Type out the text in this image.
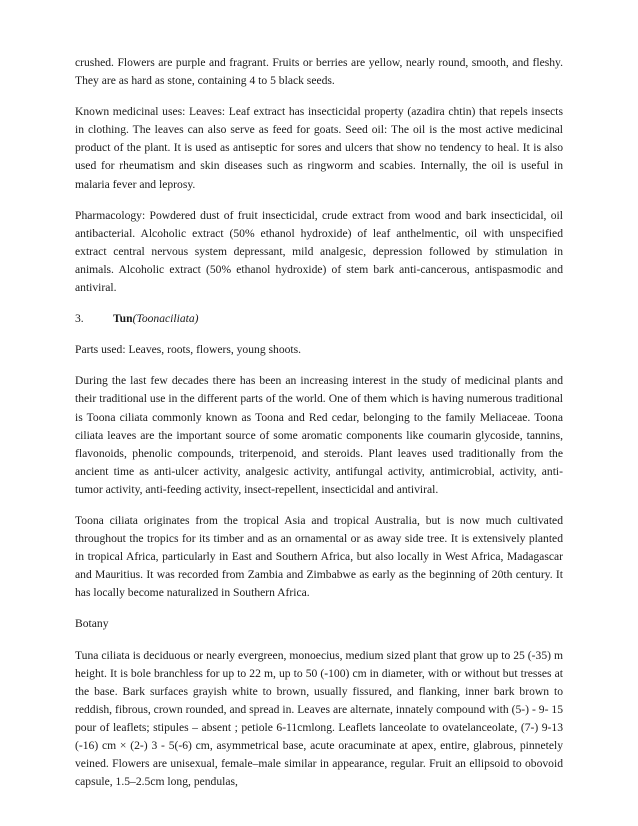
crushed. Flowers are purple and fragrant. Fruits or berries are yellow, nearly round, smooth, and fleshy. They are as hard as stone, containing 4 to 5 black seeds.

Known medicinal uses: Leaves: Leaf extract has insecticidal property (azadira chtin) that repels insects in clothing. The leaves can also serve as feed for goats. Seed oil: The oil is the most active medicinal product of the plant. It is used as antiseptic for sores and ulcers that show no tendency to heal. It is also used for rheumatism and skin diseases such as ringworm and scabies. Internally, the oil is useful in malaria fever and leprosy.

Pharmacology: Powdered dust of fruit insecticidal, crude extract from wood and bark insecticidal, oil antibacterial. Alcoholic extract (50% ethanol hydroxide) of leaf anthelmentic, oil with unspecified extract central nervous system depressant, mild analgesic, depression followed by stimulation in animals. Alcoholic extract (50% ethanol hydroxide) of stem bark anti-cancerous, antispasmodic and antiviral.

3.	Tun (Toonaciliata)

Parts used: Leaves, roots, flowers, young shoots.

During the last few decades there has been an increasing interest in the study of medicinal plants and their traditional use in the different parts of the world. One of them which is having numerous traditional is Toona ciliata commonly known as Toona and Red cedar, belonging to the family Meliaceae. Toona ciliata leaves are the important source of some aromatic components like coumarin glycoside, tannins, flavonoids, phenolic compounds, triterpenoid, and steroids. Plant leaves used traditionally from the ancient time as anti-ulcer activity, analgesic activity, antifungal activity, antimicrobial, activity, anti-tumor activity, anti-feeding activity, insect-repellent, insecticidal and antiviral.

Toona ciliata originates from the tropical Asia and tropical Australia, but is now much cultivated throughout the tropics for its timber and as an ornamental or as away side tree. It is extensively planted in tropical Africa, particularly in East and Southern Africa, but also locally in West Africa, Madagascar and Mauritius. It was recorded from Zambia and Zimbabwe as early as the beginning of 20th century. It has locally become naturalized in Southern Africa.

Botany

Tuna ciliata is deciduous or nearly evergreen, monoecius, medium sized plant that grow up to 25 (-35) m height. It is bole branchless for up to 22 m, up to 50 (-100) cm in diameter, with or without but tresses at the base. Bark surfaces grayish white to brown, usually fissured, and flanking, inner bark brown to reddish, fibrous, crown rounded, and spread in. Leaves are alternate, innately compound with (5-) - 9- 15 pour of leaflets; stipules – absent ; petiole 6-11cmlong. Leaflets lanceolate to ovatelanceolate, (7-) 9-13 (-16) cm × (2-) 3 - 5(-6) cm, asymmetrical base, acute oracuminate at apex, entire, glabrous, pinnetely veined. Flowers are unisexual, female–male similar in appearance, regular. Fruit an ellipsoid to obovoid capsule, 1.5–2.5cm long, pendulas,
